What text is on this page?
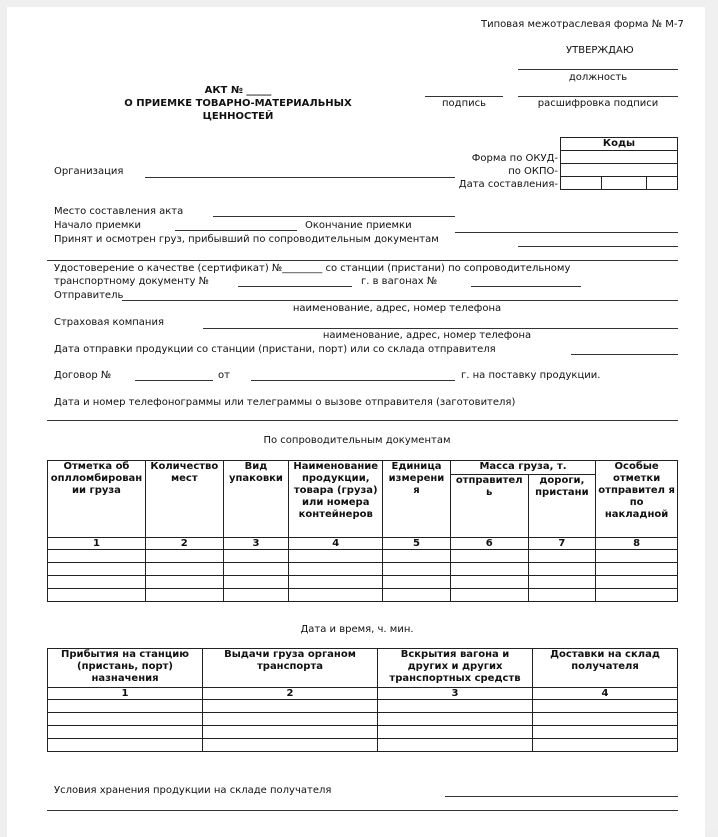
Типовая межотраслевая форма № М-7
УТВЕРЖДАЮ
должность
подпись	расшифровка подписи
АКТ № _____
О ПРИЕМКЕ ТОВАРНО-МАТЕРИАЛЬНЫХ
ЦЕННОСТЕЙ
Коды

Форма по ОКУД-
по ОКПО-
Дата составления-
Организация
Место составления акта
Начало приемки	Окончание приемки
Принят и осмотрен груз, прибывший по сопроводительным документам
Удостоверение о качестве (сертификат) №________ со станции (пристани) по сопроводительному
транспортному документу №	г. в вагонах №
Отправитель
наименование, адрес, номер телефона
Страховая компания
наименование, адрес, номер телефона
Дата отправки продукции со станции (пристани, порт) или со склада отправителя
Договор №	от	г. на поставку продукции.
Дата и номер телефонограммы или телеграммы о вызове отправителя (заготовителя)
По сопроводительным документам
Отметка об оплломбирован ии груза	Количество мест	Вид упаковки	Наименование продукции, товара (груза) или номера контейнеров	Единица измерени я	Масса груза, т.		Особые отметки отправител я по накладной
					отправител ь	дороги, пристани	
1	2	3	4	5	6	7	8

Дата и время, ч. мин.
Прибытия на станцию (пристань, порт) назначения	Выдачи груза органом транспорта	Вскрытия вагона и других и других транспортных средств	Доставки на склад получателя
1	2	3	4

Условия хранения продукции на складе получателя
